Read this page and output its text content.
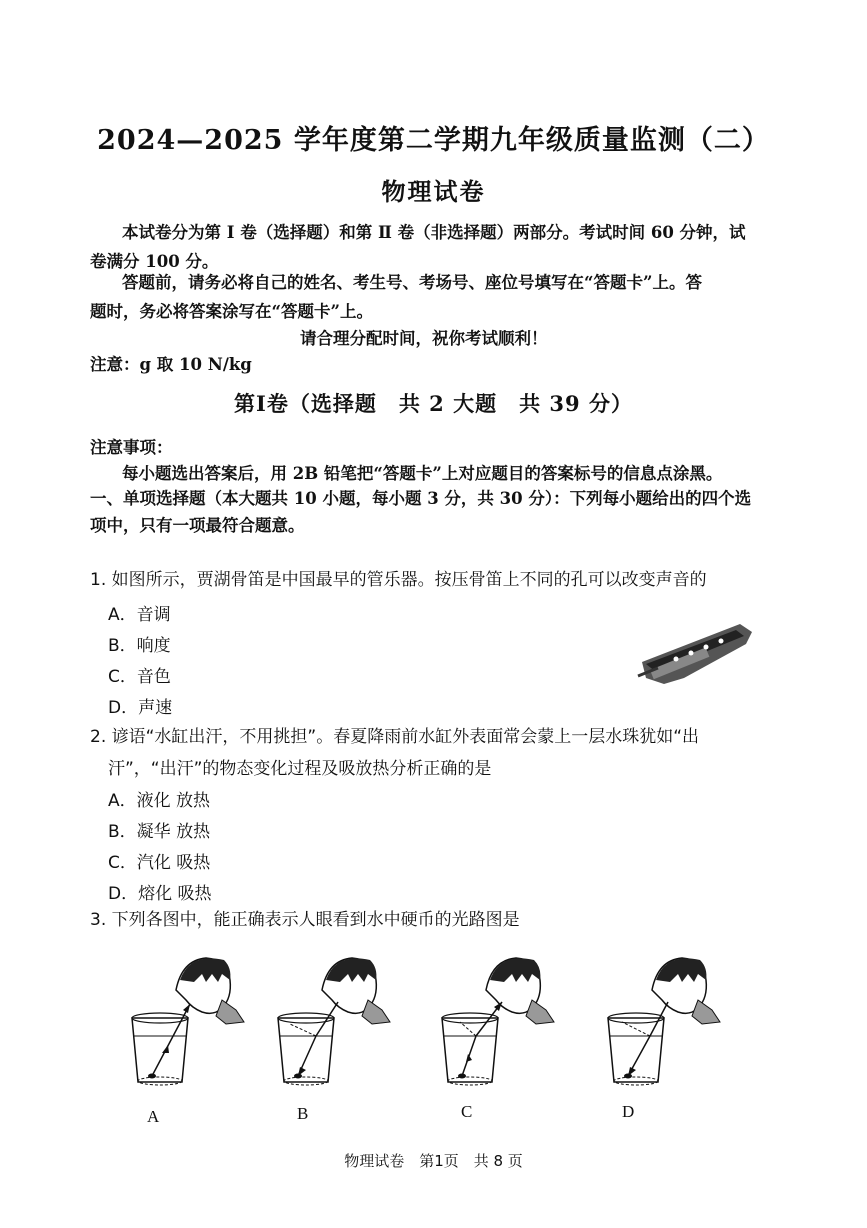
2024—2025 学年度第二学期九年级质量监测（二）
物理试卷
本试卷分为第 Ⅰ 卷（选择题）和第 Ⅱ 卷（非选择题）两部分。考试时间 60 分钟，试
卷满分 100 分。
答题前，请务必将自己的姓名、考生号、考场号、座位号填写在“答题卡”上。答
题时，务必将答案涂写在“答题卡”上。
请合理分配时间，祝你考试顺利！
注意：g 取 10 N/kg
第Ⅰ卷（选择题　共 2 大题　共 39 分）
注意事项：
每小题选出答案后，用 2B 铅笔把“答题卡”上对应题目的答案标号的信息点涂黑。
一、单项选择题（本大题共 10 小题，每小题 3 分，共 30 分）：下列每小题给出的四个选
项中，只有一项最符合题意。
1. 如图所示，贾湖骨笛是中国最早的管乐器。按压骨笛上不同的孔可以改变声音的
A．音调
B．响度
C．音色
D．声速
2. 谚语“水缸出汗，不用挑担”。春夏降雨前水缸外表面常会蒙上一层水珠犹如“出
汗”，“出汗”的物态变化过程及吸放热分析正确的是
A．液化 放热
B．凝华 放热
C．汽化 吸热
D．熔化 吸热
3. 下列各图中，能正确表示人眼看到水中硬币的光路图是
A	B	C	D
物理试卷　第1页　共 8 页
